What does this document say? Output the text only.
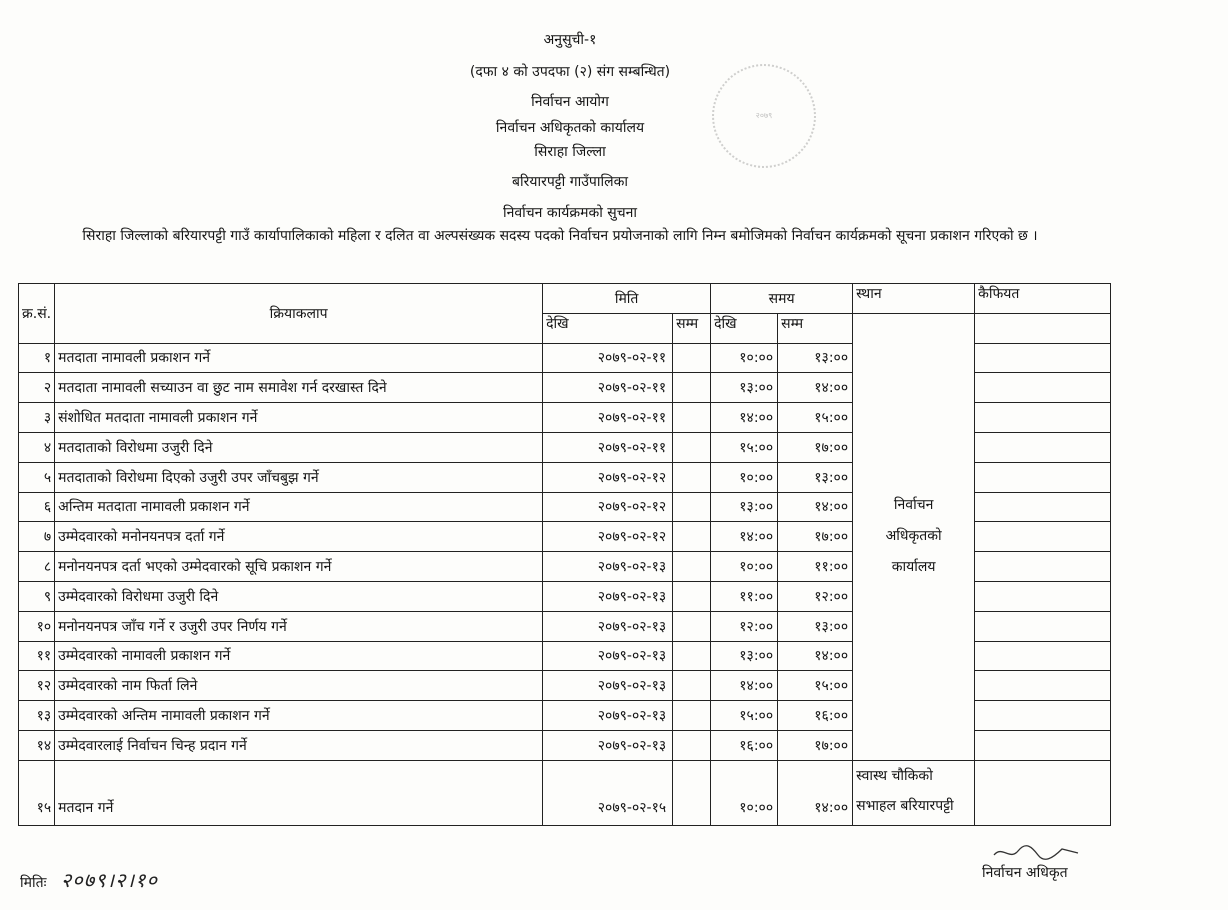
अनुसुची-१
(दफा ४ को उपदफा (२) संग सम्बन्धित)
निर्वाचन आयोग
निर्वाचन अधिकृतको कार्यालय
सिराहा जिल्ला
बरियारपट्टी गाउँपालिका
निर्वाचन कार्यक्रमको सुचना
सिराहा जिल्लाको बरियारपट्टी गाउँ कार्यापालिकाको महिला र दलित वा अल्पसंख्यक सदस्य पदको निर्वाचन प्रयोजनाको लागि निम्न बमोजिमको निर्वाचन कार्यक्रमको सूचना प्रकाशन गरिएको छ ।
२०७९
क्र.सं.	क्रियाकलाप	मिति		समय		स्थान	कैफियत
		देखि	सम्म	देखि	सम्म	निर्वाचन
अधिकृतको
कार्यालय	

१	मतदाता नामावली प्रकाशन गर्ने	२०७९-०२-११		१०:००	१३:००		
२	मतदाता नामावली सच्याउन वा छुट नाम समावेश गर्न दरखास्त दिने	२०७९-०२-११		१३:००	१४:००		
३	संशोधित मतदाता नामावली प्रकाशन गर्ने	२०७९-०२-११		१४:००	१५:००		
४	मतदाताको विरोधमा उजुरी दिने	२०७९-०२-११		१५:००	१७:००		
५	मतदाताको विरोधमा दिएको उजुरी उपर जाँचबुझ गर्ने	२०७९-०२-१२		१०:००	१३:००		
६	अन्तिम मतदाता नामावली प्रकाशन गर्ने	२०७९-०२-१२		१३:००	१४:००		
७	उम्मेदवारको मनोनयनपत्र दर्ता गर्ने	२०७९-०२-१२		१४:००	१७:००		
८	मनोनयनपत्र दर्ता भएको उम्मेदवारको सूचि प्रकाशन गर्ने	२०७९-०२-१३		१०:००	११:००		
९	उम्मेदवारको विरोधमा उजुरी दिने	२०७९-०२-१३		११:००	१२:००		
१०	मनोनयनपत्र जाँच गर्ने र उजुरी उपर निर्णय गर्ने	२०७९-०२-१३		१२:००	१३:००		
११	उम्मेदवारको नामावली प्रकाशन गर्ने	२०७९-०२-१३		१३:००	१४:००		
१२	उम्मेदवारको नाम फिर्ता लिने	२०७९-०२-१३		१४:००	१५:००		
१३	उम्मेदवारको अन्तिम नामावली प्रकाशन गर्ने	२०७९-०२-१३		१५:००	१६:००		
१४	उम्मेदवारलाई निर्वाचन चिन्ह प्रदान गर्ने	२०७९-०२-१३		१६:००	१७:००		
१५	मतदान गर्ने	२०७९-०२-१५		१०:००	१४:००	स्वास्थ चौकिको
सभाहल बरियारपट्टी	

मितिः २०७९।२।१०	निर्वाचन अधिकृत
